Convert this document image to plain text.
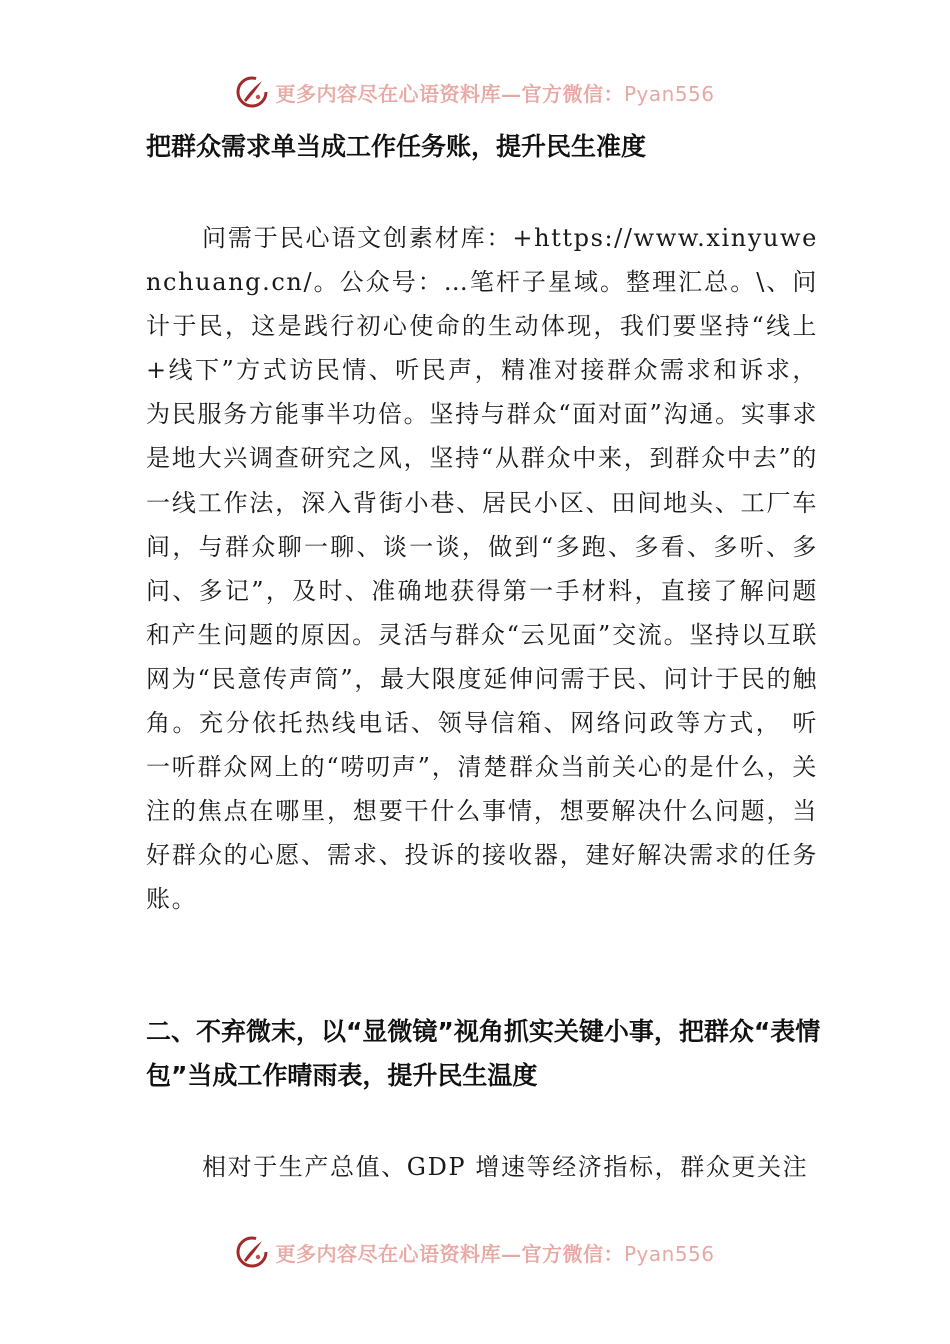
更多内容尽在心语资料库—官方微信：Pyan556
把群众需求单当成工作任务账，提升民生准度

问需于民心语文创素材库：+https://www.xinyuwenchuang.cn/。公众号：…笔杆子星域。整理汇总。\、问计于民，这是践行初心使命的生动体现，我们要坚持“线上+线下”方式访民情、听民声，精准对接群众需求和诉求，为民服务方能事半功倍。坚持与群众“面对面”沟通。实事求是地大兴调查研究之风，坚持“从群众中来，到群众中去”的一线工作法，深入背街小巷、居民小区、田间地头、工厂车间，与群众聊一聊、谈一谈，做到“多跑、多看、多听、多问、多记”，及时、准确地获得第一手材料，直接了解问题和产生问题的原因。灵活与群众“云见面”交流。坚持以互联网为“民意传声筒”，最大限度延伸问需于民、问计于民的触角。充分依托热线电话、领导信箱、网络问政等方式， 听一听群众网上的“唠叨声”，清楚群众当前关心的是什么，关注的焦点在哪里，想要干什么事情，想要解决什么问题，当好群众的心愿、需求、投诉的接收器，建好解决需求的任务账。

二、不弃微末，以“显微镜”视角抓实关键小事，把群众“表情包”当成工作晴雨表，提升民生温度

相对于生产总值、GDP 增速等经济指标，群众更关注

更多内容尽在心语资料库—官方微信：Pyan556
